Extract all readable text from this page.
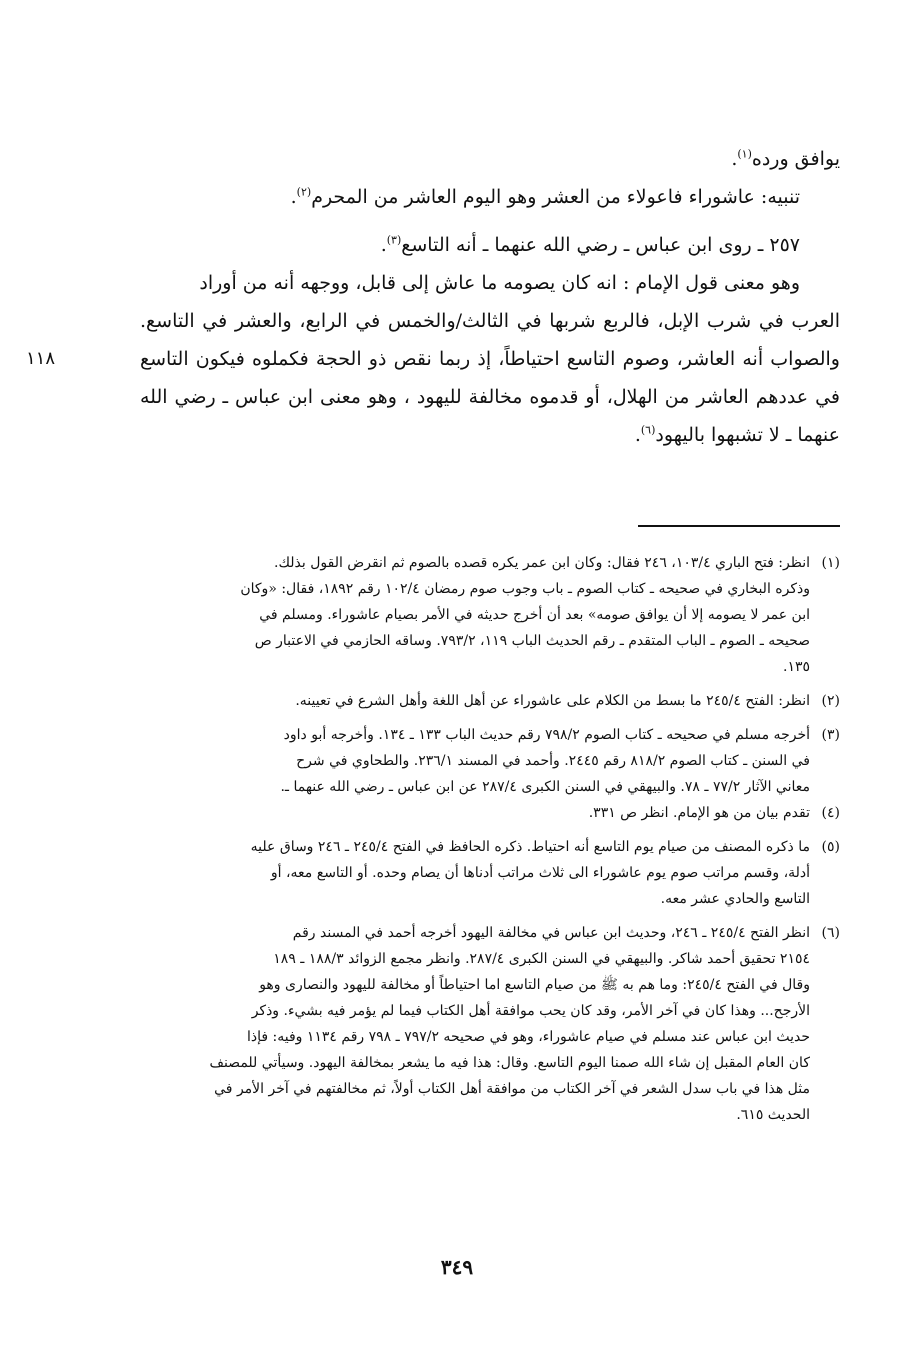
يوافق ورده$^{(١)}$.
تنبيه: عاشوراء فاعولاء من العشر وهو اليوم العاشر من المحرم$^{(٢)}$.
٢٥٧ ـ روى ابن عباس ـ رضي الله عنهما ـ أنه التاسع$^{(٣)}$.
وهو معنى قول الإمام : انه كان يصومه ما عاش إلى قابل، ووجهه أنه من أوراد
العرب في شرب الإبل، فالربع شربها في الثالث/والخمس في الرابع، والعشر في التاسع.
والصواب أنه العاشر، وصوم التاسع احتياطاً، إذ ربما نقص ذو الحجة فكملوه فيكون التاسع
في عددهم العاشر من الهلال، أو قدموه مخالفة لليهود ، وهو معنى ابن عباس ـ رضي الله
عنهما ـ لا تشبهوا باليهود$^{(٦)}$.
١١٨
(١)
انظر: فتح الباري ١٠٣/٤، ٢٤٦ فقال: وكان ابن عمر يكره قصده بالصوم ثم انقرض القول بذلك.
وذكره البخاري في صحيحه ـ كتاب الصوم ـ باب وجوب صوم رمضان ١٠٢/٤ رقم ١٨٩٢، فقال: «وكان
ابن عمر لا يصومه إلا أن يوافق صومه» بعد أن أخرج حديثه في الأمر بصيام عاشوراء. ومسلم في
صحيحه ـ الصوم ـ الباب المتقدم ـ رقم الحديث الباب ١١٩، ٧٩٣/٢. وساقه الحازمي في الاعتبار ص
١٣٥.
(٢)
انظر: الفتح ٢٤٥/٤ ما بسط من الكلام على عاشوراء عن أهل اللغة وأهل الشرع في تعيينه.
(٣)
أخرجه مسلم في صحيحه ـ كتاب الصوم ٧٩٨/٢ رقم حديث الباب ١٣٣ ـ ١٣٤. وأخرجه أبو داود
في السنن ـ كتاب الصوم ٨١٨/٢ رقم ٢٤٤٥. وأحمد في المسند ٢٣٦/١. والطحاوي في شرح
معاني الآثار ٧٧/٢ ـ ٧٨. والبيهقي في السنن الكبرى ٢٨٧/٤ عن ابن عباس ـ رضي الله عنهما ـ.
(٤)
تقدم بيان من هو الإمام. انظر ص ٣٣١.
(٥)
ما ذكره المصنف من صيام يوم التاسع أنه احتياط. ذكره الحافظ في الفتح ٢٤٥/٤ ـ ٢٤٦ وساق عليه
أدلة، وقسم مراتب صوم يوم عاشوراء الى ثلاث مراتب أدناها أن يصام وحده. أو التاسع معه، أو
التاسع والحادي عشر معه.
(٦)
انظر الفتح ٢٤٥/٤ ـ ٢٤٦، وحديث ابن عباس في مخالفة اليهود أخرجه أحمد في المسند رقم
٢١٥٤ تحقيق أحمد شاكر. والبيهقي في السنن الكبرى ٢٨٧/٤. وانظر مجمع الزوائد ١٨٨/٣ ـ ١٨٩
وقال في الفتح ٢٤٥/٤: وما هم به ﷺ من صيام التاسع اما احتياطاً أو مخالفة لليهود والنصارى وهو
الأرجح... وهذا كان في آخر الأمر، وقد كان يحب موافقة أهل الكتاب فيما لم يؤمر فيه بشيء. وذكر
حديث ابن عباس عند مسلم في صيام عاشوراء، وهو في صحيحه ٧٩٧/٢ ـ ٧٩٨ رقم ١١٣٤ وفيه: فإذا
كان العام المقبل إن شاء الله صمنا اليوم التاسع. وقال: هذا فيه ما يشعر بمخالفة اليهود. وسيأتي للمصنف
مثل هذا في باب سدل الشعر في آخر الكتاب من موافقة أهل الكتاب أولاً، ثم مخالفتهم في آخر الأمر في
الحديث ٦١٥.
٣٤٩
